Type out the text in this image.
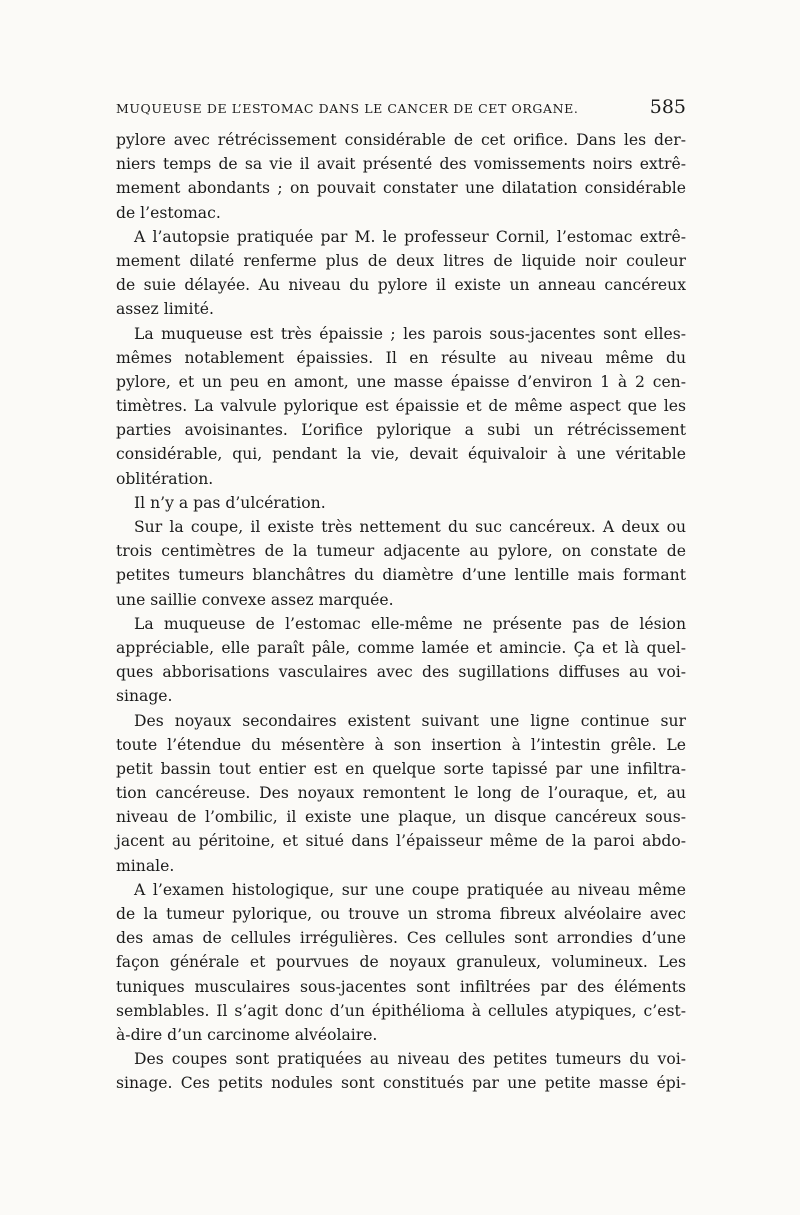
MUQUEUSE DE L’ESTOMAC DANS LE CANCER DE CET ORGANE.	585
pylore avec rétrécissement considérable de cet orifice. Dans les der-
niers temps de sa vie il avait présenté des vomissements noirs extrê-
mement abondants ; on pouvait constater une dilatation considérable
de l’estomac.
A l’autopsie pratiquée par M. le professeur Cornil, l’estomac extrê-
mement dilaté renferme plus de deux litres de liquide noir couleur
de suie délayée. Au niveau du pylore il existe un anneau cancéreux
assez limité.
La muqueuse est très épaissie ; les parois sous-jacentes sont elles-
mêmes notablement épaissies. Il en résulte au niveau même du
pylore, et un peu en amont, une masse épaisse d’environ 1 à 2 cen-
timètres. La valvule pylorique est épaissie et de même aspect que les
parties avoisinantes. L’orifice pylorique a subi un rétrécissement
considérable, qui, pendant la vie, devait équivaloir à une véritable
oblitération.
Il n’y a pas d’ulcération.
Sur la coupe, il existe très nettement du suc cancéreux. A deux ou
trois centimètres de la tumeur adjacente au pylore, on constate de
petites tumeurs blanchâtres du diamètre d’une lentille mais formant
une saillie convexe assez marquée.
La muqueuse de l’estomac elle-même ne présente pas de lésion
appréciable, elle paraît pâle, comme lamée et amincie. Ça et là quel-
ques abborisations vasculaires avec des sugillations diffuses au voi-
sinage.
Des noyaux secondaires existent suivant une ligne continue sur
toute l’étendue du mésentère à son insertion à l’intestin grêle. Le
petit bassin tout entier est en quelque sorte tapissé par une infiltra-
tion cancéreuse. Des noyaux remontent le long de l’ouraque, et, au
niveau de l’ombilic, il existe une plaque, un disque cancéreux sous-
jacent au péritoine, et situé dans l’épaisseur même de la paroi abdo-
minale.
A l’examen histologique, sur une coupe pratiquée au niveau même
de la tumeur pylorique, ou trouve un stroma fibreux alvéolaire avec
des amas de cellules irrégulières. Ces cellules sont arrondies d’une
façon générale et pourvues de noyaux granuleux, volumineux. Les
tuniques musculaires sous-jacentes sont infiltrées par des éléments
semblables. Il s’agit donc d’un épithélioma à cellules atypiques, c’est-
à-dire d’un carcinome alvéolaire.
Des coupes sont pratiquées au niveau des petites tumeurs du voi-
sinage. Ces petits nodules sont constitués par une petite masse épi-
